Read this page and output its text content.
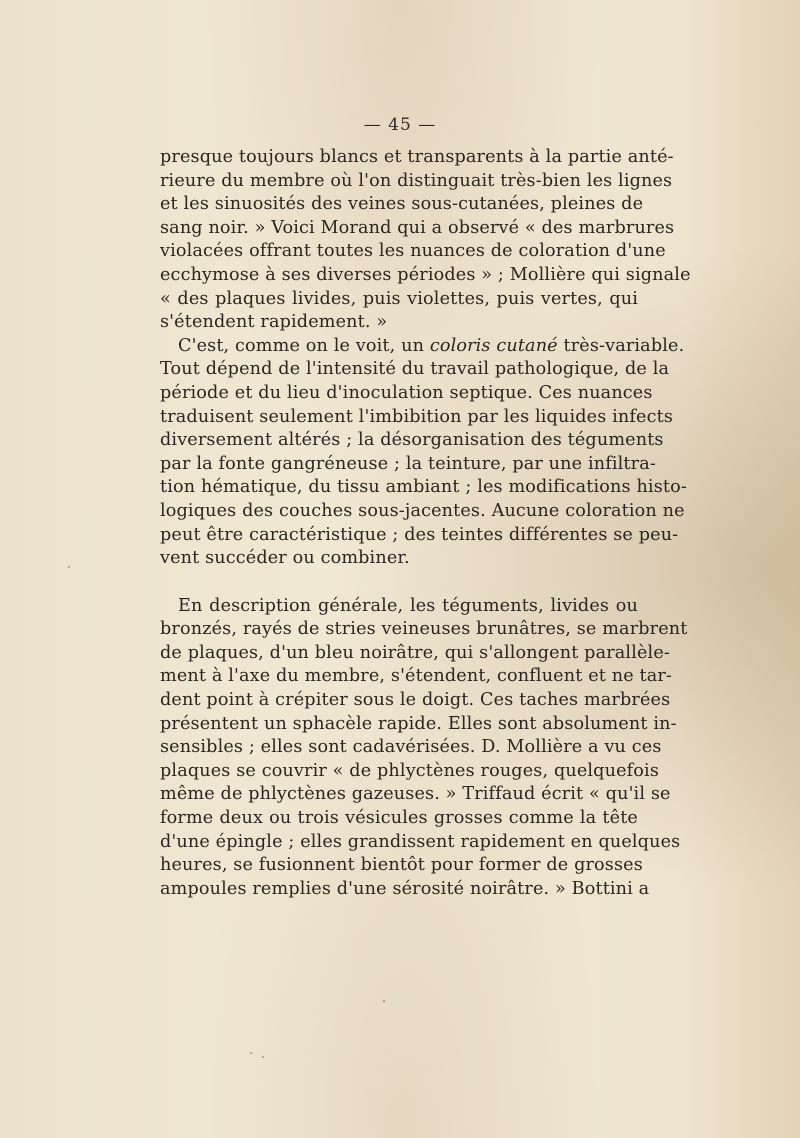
— 45 —
presque toujours blancs et transparents à la partie anté-
rieure du membre où l'on distinguait très-bien les lignes
et les sinuosités des veines sous-cutanées, pleines de
sang noir. » Voici Morand qui a observé « des marbrures
violacées offrant toutes les nuances de coloration d'une
ecchymose à ses diverses périodes » ; Mollière qui signale
« des plaques livides, puis violettes, puis vertes, qui
s'étendent rapidement. »
C'est, comme on le voit, un coloris cutané très-variable.
Tout dépend de l'intensité du travail pathologique, de la
période et du lieu d'inoculation septique. Ces nuances
traduisent seulement l'imbibition par les liquides infects
diversement altérés ; la désorganisation des téguments
par la fonte gangréneuse ; la teinture, par une infiltra-
tion hématique, du tissu ambiant ; les modifications histo-
logiques des couches sous-jacentes. Aucune coloration ne
peut être caractéristique ; des teintes différentes se peu-
vent succéder ou combiner.
En description générale, les téguments, livides ou
bronzés, rayés de stries veineuses brunâtres, se marbrent
de plaques, d'un bleu noirâtre, qui s'allongent parallèle-
ment à l'axe du membre, s'étendent, confluent et ne tar-
dent point à crépiter sous le doigt. Ces taches marbrées
présentent un sphacèle rapide. Elles sont absolument in-
sensibles ; elles sont cadavérisées. D. Mollière a vu ces
plaques se couvrir « de phlyctènes rouges, quelquefois
même de phlyctènes gazeuses. » Triffaud écrit « qu'il se
forme deux ou trois vésicules grosses comme la tête
d'une épingle ; elles grandissent rapidement en quelques
heures, se fusionnent bientôt pour former de grosses
ampoules remplies d'une sérosité noirâtre. » Bottini a
